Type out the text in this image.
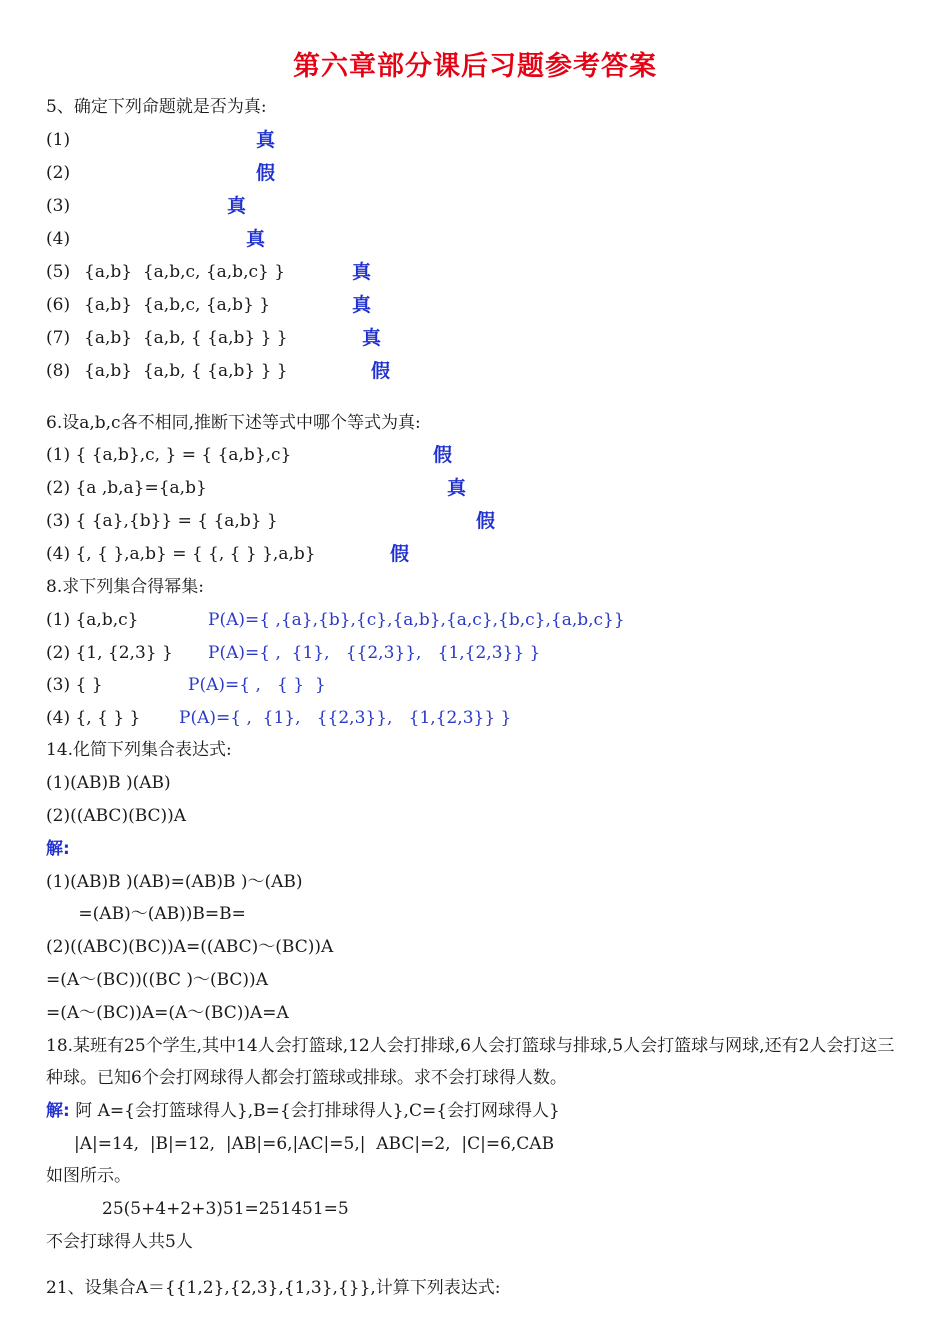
第六章部分课后习题参考答案
5、确定下列命题就是否为真:
(1)	真
(2)	假
(3)	真
(4)	真
(5) {a,b}  {a,b,c, {a,b,c} }	真
(6) {a,b}  {a,b,c, {a,b} }	真
(7) {a,b}  {a,b, { {a,b} } }	真
(8) {a,b}  {a,b, { {a,b} } }	假
6.设a,b,c各不相同,推断下述等式中哪个等式为真:
(1) { {a,b},c, } = { {a,b},c}	假
(2) {a ,b,a}={a,b}	真
(3) { {a},{b}} = { {a,b} }	假
(4) {, { },a,b} = { {, { } },a,b}	假
8.求下列集合得幂集:
(1) {a,b,c}	P(A)={ ,{a},{b},{c},{a,b},{a,c},{b,c},{a,b,c}}
(2) {1, {2,3} } P(A)={ ,  {1},   {{2,3}},   {1,{2,3}} }
(3) { }	P(A)={ ,   { }  }
(4) {, { } } P(A)={ ,  {1},   {{2,3}},   {1,{2,3}} }
14.化简下列集合表达式:
(1)(AB)B )(AB)
(2)((ABC)(BC))A
解:
(1)(AB)B )(AB)=(AB)B )～(AB)
=(AB)～(AB))B=B=
(2)((ABC)(BC))A=((ABC)～(BC))A
=(A～(BC))((BC )～(BC))A
=(A～(BC))A=(A～(BC))A=A
18.某班有25个学生,其中14人会打篮球,12人会打排球,6人会打篮球与排球,5人会打篮球与网球,还有2人会打这三种球。已知6个会打网球得人都会打篮球或排球。求不会打球得人数。
解: 阿 A={会打篮球得人},B={会打排球得人},C={会打网球得人}
|A|=14,  |B|=12,  |AB|=6,|AC|=5,|  ABC|=2,  |C|=6,CAB
如图所示。
25(5+4+2+3)51=251451=5
不会打球得人共5人
21、设集合A＝{{1,2},{2,3},{1,3},{}},计算下列表达式:
